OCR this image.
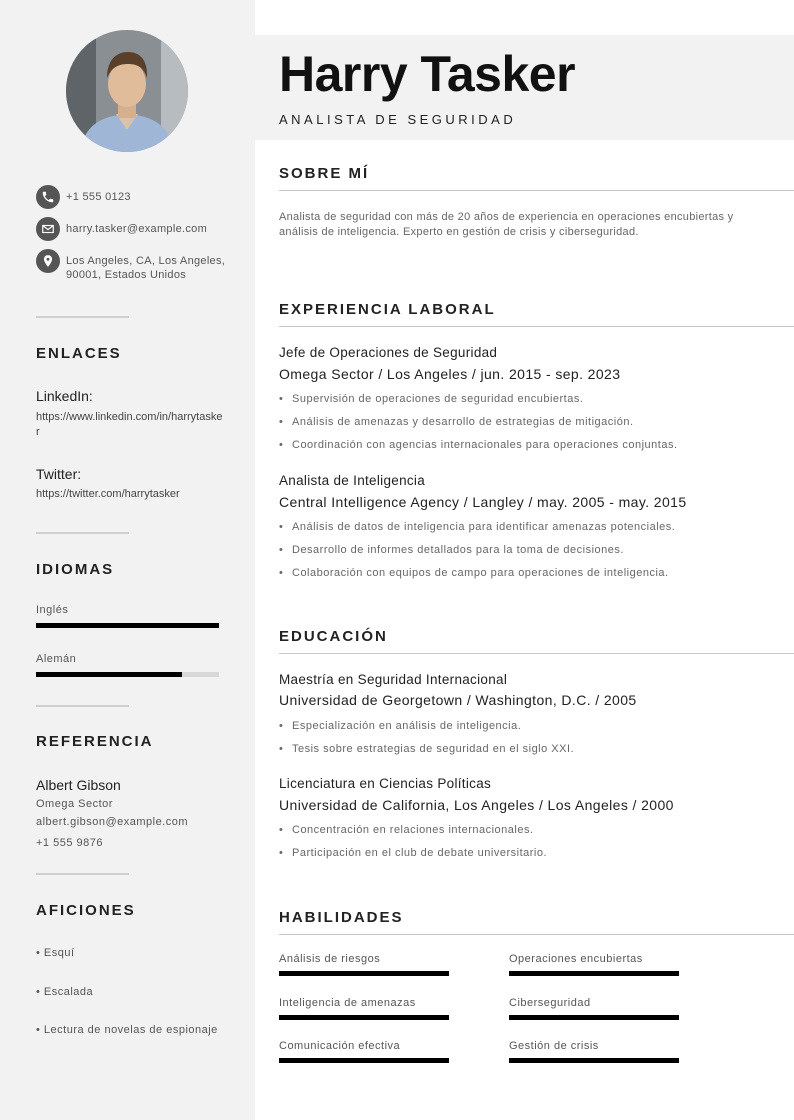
+1 555 0123
harry.tasker@example.com
Los Angeles, CA, Los Angeles, 90001, Estados Unidos
ENLACES
LinkedIn:
https://www.linkedin.com/in/harrytasker
Twitter:
https://twitter.com/harrytasker
IDIOMAS
Inglés
Alemán
REFERENCIA
Albert Gibson
Omega Sector
albert.gibson@example.com
+1 555 9876
AFICIONES
• Esquí
• Escalada
• Lectura de novelas de espionaje
Harry Tasker
ANALISTA DE SEGURIDAD
SOBRE MÍ
Analista de seguridad con más de 20 años de experiencia en operaciones encubiertas y análisis de inteligencia. Experto en gestión de crisis y ciberseguridad.
EXPERIENCIA LABORAL
Jefe de Operaciones de Seguridad
Omega Sector / Los Angeles / jun. 2015 - sep. 2023
• Supervisión de operaciones de seguridad encubiertas.
• Análisis de amenazas y desarrollo de estrategias de mitigación.
• Coordinación con agencias internacionales para operaciones conjuntas.
Analista de Inteligencia
Central Intelligence Agency / Langley / may. 2005 - may. 2015
• Análisis de datos de inteligencia para identificar amenazas potenciales.
• Desarrollo de informes detallados para la toma de decisiones.
• Colaboración con equipos de campo para operaciones de inteligencia.
EDUCACIÓN
Maestría en Seguridad Internacional
Universidad de Georgetown / Washington, D.C. / 2005
• Especialización en análisis de inteligencia.
• Tesis sobre estrategias de seguridad en el siglo XXI.
Licenciatura en Ciencias Políticas
Universidad de California, Los Angeles / Los Angeles / 2000
• Concentración en relaciones internacionales.
• Participación en el club de debate universitario.
HABILIDADES
Análisis de riesgos	Operaciones encubiertas
Inteligencia de amenazas	Ciberseguridad
Comunicación efectiva	Gestión de crisis
